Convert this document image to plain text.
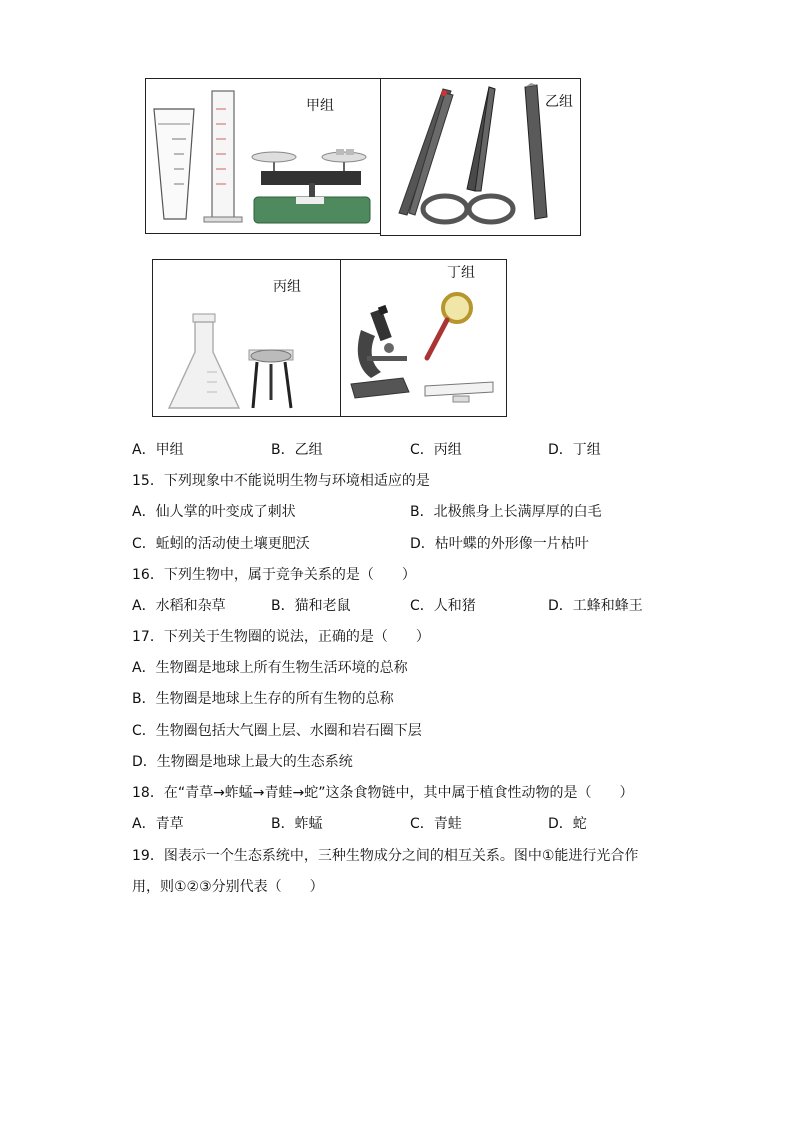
甲组	乙组
丙组
丁组
A．甲组	B．乙组	C．丙组	D．丁组
15．下列现象中不能说明生物与环境相适应的是
A．仙人掌的叶变成了刺状	B．北极熊身上长满厚厚的白毛
C．蚯蚓的活动使土壤更肥沃	D．枯叶蝶的外形像一片枯叶
16．下列生物中，属于竞争关系的是（　　）
A．水稻和杂草	B．猫和老鼠	C．人和猪	D．工蜂和蜂王
17．下列关于生物圈的说法，正确的是（　　）
A．生物圈是地球上所有生物生活环境的总称
B．生物圈是地球上生存的所有生物的总称
C．生物圈包括大气圈上层、水圈和岩石圈下层
D．生物圈是地球上最大的生态系统
18．在“青草→蚱蜢→青蛙→蛇”这条食物链中，其中属于植食性动物的是（　　）
A．青草	B．蚱蜢	C．青蛙	D．蛇
19．图表示一个生态系统中，三种生物成分之间的相互关系。图中①能进行光合作
用，则①②③分别代表（　　）
